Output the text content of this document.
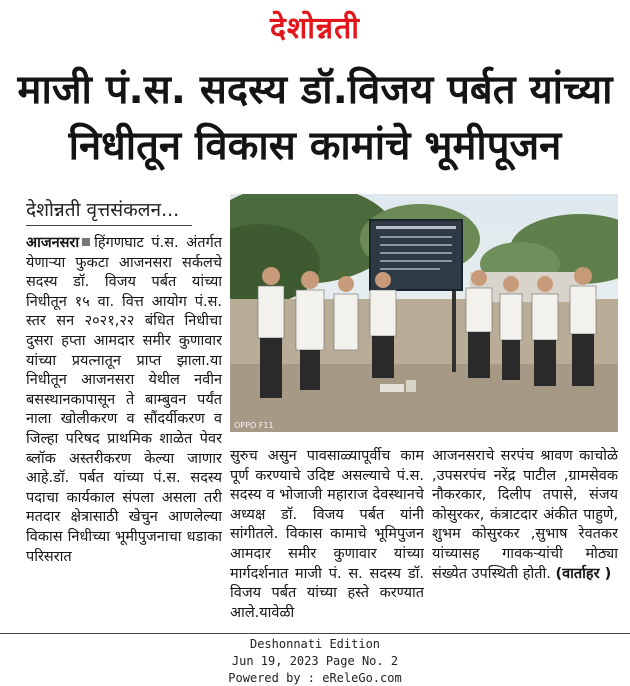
देशोन्नती
माजी पं.स. सदस्य डॉ.विजय पर्बत यांच्या
निधीतून विकास कामांचे भूमीपूजन
देशोन्नती वृत्तसंकलन...
आजनसरा हिंगणघाट पं.स. अंतर्गत येणाऱ्या फुकटा आजनसरा सर्कलचे सदस्य डॉ. विजय पर्बत यांच्या निधीतून १५ वा. वित्त आयोग पं.स. स्तर सन २०२१,२२ बंधित निधीचा दुसरा हप्ता आमदार समीर कुणावार यांच्या प्रयत्नातून प्राप्त झाला.या निधीतून आजनसरा येथील नवीन बसस्थानकापासून ते बाम्बुवन पर्यंत नाला खोलीकरण व सौंदर्यीकरण व जिल्हा परिषद प्राथमिक शाळेत पेवर ब्लॉक अस्तरीकरण केल्या जाणार आहे.डॉ. पर्बत यांच्या पं.स. सदस्य पदाचा कार्यकाल संपला असला तरी मतदार क्षेत्रासाठी खेचुन आणलेल्या विकास निधीच्या भूमीपुजनाचा धडाका परिसरात
OPPO F11
सुरुच असुन पावसाळ्यापूर्वीच काम पूर्ण करण्याचे उदिष्ट असल्याचे पं.स. सदस्य व भोजाजी महाराज देवस्थानचे अध्यक्ष डॉ. विजय पर्बत यांनी सांगीतले. विकास कामाचे भूमिपुजन आमदार समीर कुणावार यांच्या मार्गदर्शनात माजी पं. स. सदस्य डॉ. विजय पर्बत यांच्या हस्ते करण्यात आले.यावेळी
आजनसराचे सरपंच श्रावण काचोळे ,उपसरपंच नरेंद्र पाटील ,ग्रामसेवक नौकरकार, दिलीप तपासे, संजय कोसुरकर, कंत्राटदार अंकीत पाहुणे, शुभम कोसुरकर ,सुभाष रेवतकर यांच्यासह गावकऱ्यांची मोठ्या संख्येत उपस्थिती होती. (वार्ताहर )
Deshonnati Edition
Jun 19, 2023 Page No. 2
Powered by : eReleGo.com
